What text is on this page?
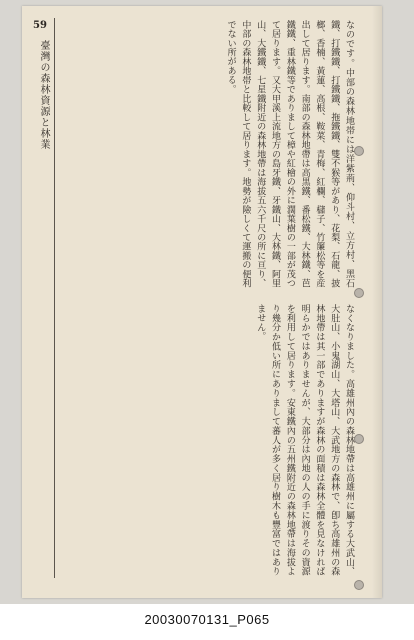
59
臺灣の森林資源と林業	なのです。中部の森林地帯には洋紫荊、仰斗村、立方村、黑石鐵、打鐵鐵、打鐵鐵、拖鐵鐵、雙不猴等があり、花梨、石龍、披榔、香楠、黃蓮、高根、鞍菜、青梅、紅欄、櫧子、竹簾松等を産出して居ります。南部の森林地帶は高黒鐵、番松鐵、大林鐵、芭鐵鐵、重林鐵等でありまして樟や紅檜の外に濶葉樹の一部が茂つて居ります。又大甲溪上流地方の島牙鐵、牙鐵山、大林鐵、阿里山、大鐵鐵、七星鐵附近の森林地帶は海拔五六千尺の所に亘り、中部の森林地帯と比較して居ります。地勢が險しくて運搬の便利でない所がある。
なくなりました。高雄州內の森林地帶は高雄州に屬する大武山、大肚山、小鬼湖山、大塔山、大武地方の森林で、卽ち高雄州の森林地帶は其一部でありますが森林の面積は森林全體を見なければ明らかではありませんが、大部分は內地の人の手に渡りその資源を利用して居ります。安東鐵內の五州鐵附近の森林地帶は海拔より幾分か低い所にありまして蕃人が多く居り樹木も豐富ではありません。
20030070131_P065
